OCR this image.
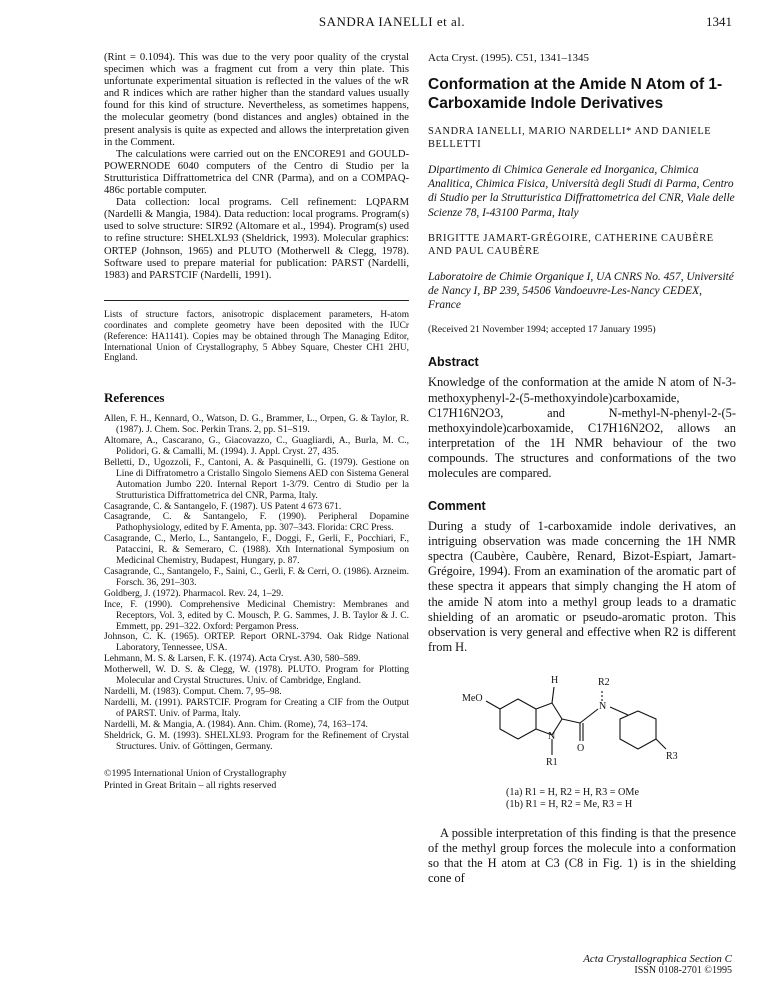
SANDRA IANELLI et al.	1341

(Rint = 0.1094). This was due to the very poor quality of the crystal specimen which was a fragment cut from a very thin plate. This unfortunate experimental situation is reflected in the values of the wR and R indices which are rather higher than the standard values usually found for this kind of structure. Nevertheless, as sometimes happens, the molecular geometry (bond distances and angles) obtained in the present analysis is quite as expected and allows the interpretation given in the Comment.

The calculations were carried out on the ENCORE91 and GOULD-POWERNODE 6040 computers of the Centro di Studio per la Strutturistica Diffrattometrica del CNR (Parma), and on a COMPAQ-486c portable computer.

Data collection: local programs. Cell refinement: LQPARM (Nardelli & Mangia, 1984). Data reduction: local programs. Program(s) used to solve structure: SIR92 (Altomare et al., 1994). Program(s) used to refine structure: SHELXL93 (Sheldrick, 1993). Molecular graphics: ORTEP (Johnson, 1965) and PLUTO (Motherwell & Clegg, 1978). Software used to prepare material for publication: PARST (Nardelli, 1983) and PARSTCIF (Nardelli, 1991).

Lists of structure factors, anisotropic displacement parameters, H-atom coordinates and complete geometry have been deposited with the IUCr (Reference: HA1141). Copies may be obtained through The Managing Editor, International Union of Crystallography, 5 Abbey Square, Chester CH1 2HU, England.

References

Allen, F. H., Kennard, O., Watson, D. G., Brammer, L., Orpen, G. & Taylor, R. (1987). J. Chem. Soc. Perkin Trans. 2, pp. S1–S19.

Altomare, A., Cascarano, G., Giacovazzo, C., Guagliardi, A., Burla, M. C., Polidori, G. & Camalli, M. (1994). J. Appl. Cryst. 27, 435.

Belletti, D., Ugozzoli, F., Cantoni, A. & Pasquinelli, G. (1979). Gestione on Line di Diffratometro a Cristallo Singolo Siemens AED con Sistema General Automation Jumbo 220. Internal Report 1-3/79. Centro di Studio per la Strutturistica Diffrattometrica del CNR, Parma, Italy.

Casagrande, C. & Santangelo, F. (1987). US Patent 4 673 671.

Casagrande, C. & Santangelo, F. (1990). Peripheral Dopamine Pathophysiology, edited by F. Amenta, pp. 307–343. Florida: CRC Press.

Casagrande, C., Merlo, L., Santangelo, F., Doggi, F., Gerli, F., Pocchiari, F., Pataccini, R. & Semeraro, C. (1988). Xth International Symposium on Medicinal Chemistry, Budapest, Hungary, p. 87.

Casagrande, C., Santangelo, F., Saini, C., Gerli, F. & Cerri, O. (1986). Arzneim. Forsch. 36, 291–303.

Goldberg, J. (1972). Pharmacol. Rev. 24, 1–29.

Ince, F. (1990). Comprehensive Medicinal Chemistry: Membranes and Receptors, Vol. 3, edited by C. Mousch, P. G. Sammes, J. B. Taylor & J. C. Emmett, pp. 291–322. Oxford: Pergamon Press.

Johnson, C. K. (1965). ORTEP. Report ORNL-3794. Oak Ridge National Laboratory, Tennessee, USA.

Lehmann, M. S. & Larsen, F. K. (1974). Acta Cryst. A30, 580–589.

Motherwell, W. D. S. & Clegg, W. (1978). PLUTO. Program for Plotting Molecular and Crystal Structures. Univ. of Cambridge, England.

Nardelli, M. (1983). Comput. Chem. 7, 95–98.

Nardelli, M. (1991). PARSTCIF. Program for Creating a CIF from the Output of PARST. Univ. of Parma, Italy.

Nardelli, M. & Mangia, A. (1984). Ann. Chim. (Rome), 74, 163–174.

Sheldrick, G. M. (1993). SHELXL93. Program for the Refinement of Crystal Structures. Univ. of Göttingen, Germany.

©1995 International Union of Crystallography
Printed in Great Britain – all rights reserved

Acta Cryst. (1995). C51, 1341–1345

Conformation at the Amide N Atom of 1-Carboxamide Indole Derivatives

SANDRA IANELLI, MARIO NARDELLI* AND DANIELE BELLETTI

Dipartimento di Chimica Generale ed Inorganica, Chimica Analitica, Chimica Fisica, Università degli Studi di Parma, Centro di Studio per la Strutturistica Diffrattometrica del CNR, Viale delle Scienze 78, I-43100 Parma, Italy

BRIGITTE JAMART-GRÉGOIRE, CATHERINE CAUBÈRE AND PAUL CAUBÈRE

Laboratoire de Chimie Organique I, UA CNRS No. 457, Université de Nancy I, BP 239, 54506 Vandoeuvre-Les-Nancy CEDEX, France

(Received 21 November 1994; accepted 17 January 1995)

Abstract

Knowledge of the conformation at the amide N atom of N-3-methoxyphenyl-2-(5-methoxyindole)carboxamide, C17H16N2O3, and N-methyl-N-phenyl-2-(5-methoxyindole)carboxamide, C17H16N2O2, allows an interpretation of the 1H NMR behaviour of the two compounds. The structures and conformations of the two molecules are compared.

Comment

During a study of 1-carboxamide indole derivatives, an intriguing observation was made concerning the 1H NMR spectra (Caubère, Caubère, Renard, Bizot-Espiart, Jamart-Grégoire, 1994). From an examination of the aromatic part of these spectra it appears that simply changing the H atom of the amide N atom into a methyl group leads to a dramatic shielding of an aromatic or pseudo-aromatic proton. This observation is very general and effective when R2 is different from H.

MeO
H	R2
N
N
O
R1
R3
(1a) R1 = H, R2 = H, R3 = OMe
(1b) R1 = H, R2 = Me, R3 = H

A possible interpretation of this finding is that the presence of the methyl group forces the molecule into a conformation so that the H atom at C3 (C8 in Fig. 1) is in the shielding cone of

Acta Crystallographica Section C
ISSN 0108-2701 ©1995
